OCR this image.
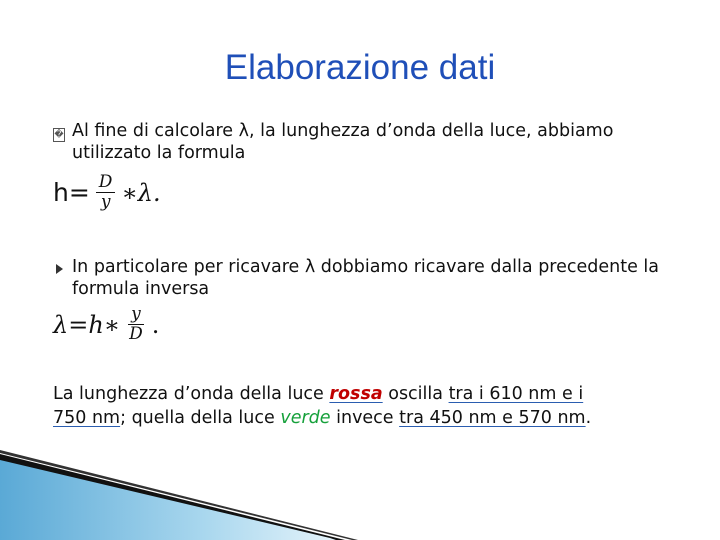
Elaborazione dati
� Al fine di calcolare λ, la lunghezza d’onda della luce, abbiamo utilizzato la formula
$h= \frac{D}{y}$ ∗λ.
In particolare per ricavare λ dobbiamo ricavare dalla precedente la formula inversa
λ=h∗ $\frac{y}{D}$ .
La lunghezza d’onda della luce rossa oscilla tra i 610 nm e i
750 nm; quella della luce verde invece tra 450 nm e 570 nm.
